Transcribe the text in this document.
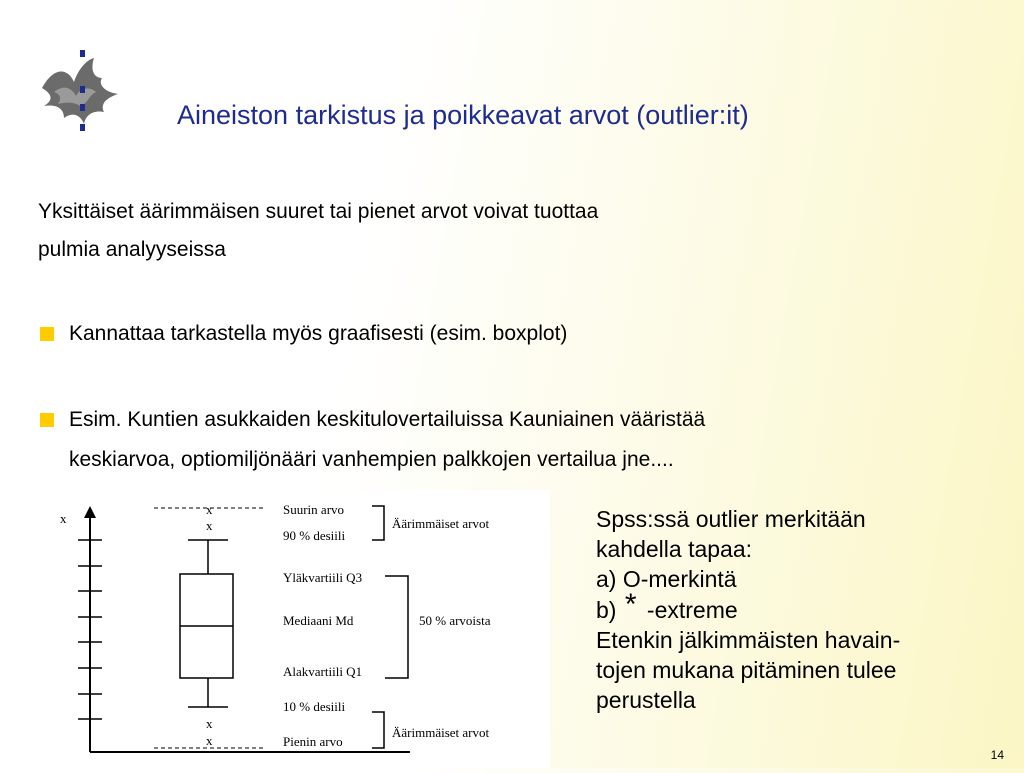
Aineiston tarkistus ja poikkeavat arvot (outlier:it)
Yksittäiset äärimmäisen suuret tai pienet arvot voivat tuottaa
pulmia analyyseissa
Kannattaa tarkastella myös graafisesti (esim. boxplot)
Esim. Kuntien asukkaiden keskitulovertailuissa Kauniainen vääristää
keskiarvoa, optiomiljönääri vanhempien palkkojen vertailua jne....
x
x
x
x
x
Suurin arvo
90 % desiili
Yläkvartiili Q3
Mediaani Md
Alakvartiili Q1
10 % desiili
Pienin arvo
Äärimmäiset arvot
50 % arvoista
Äärimmäiset arvot
Spss:ssä outlier merkitään
kahdella tapaa:
a) O-merkintä
b) * -extreme
Etenkin jälkimmäisten havain-
tojen mukana pitäminen tulee
perustella
14
